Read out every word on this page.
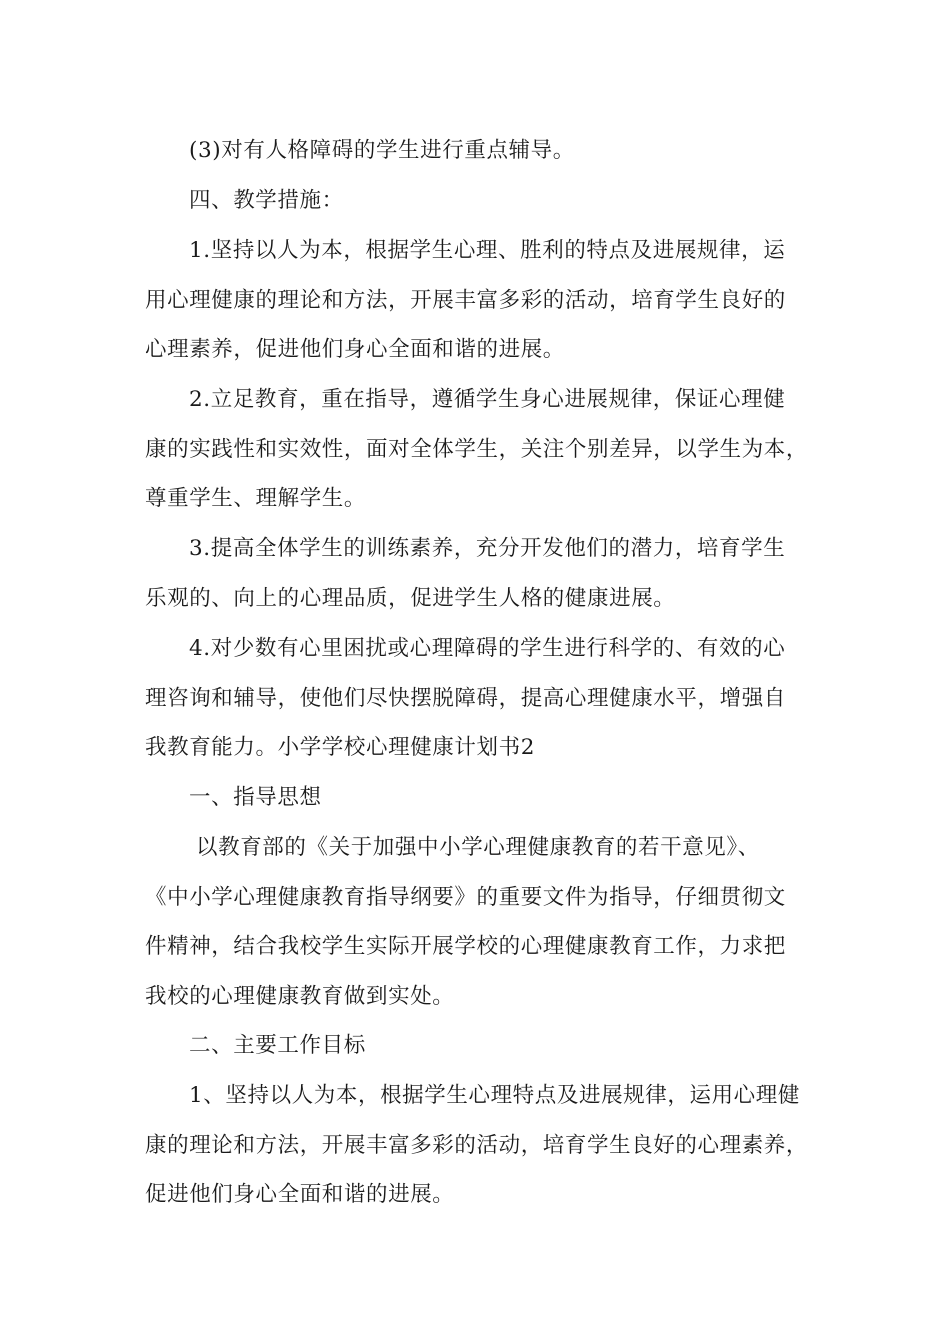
(3)对有人格障碍的学生进行重点辅导。
四、教学措施：
1.坚持以人为本，根据学生心理、胜利的特点及进展规律，运
用心理健康的理论和方法，开展丰富多彩的活动，培育学生良好的
心理素养，促进他们身心全面和谐的进展。
2.立足教育，重在指导，遵循学生身心进展规律，保证心理健
康的实践性和实效性，面对全体学生，关注个别差异，以学生为本，
尊重学生、理解学生。
3.提高全体学生的训练素养，充分开发他们的潜力，培育学生
乐观的、向上的心理品质，促进学生人格的健康进展。
4.对少数有心里困扰或心理障碍的学生进行科学的、有效的心
理咨询和辅导，使他们尽快摆脱障碍，提高心理健康水平，增强自
我教育能力。小学学校心理健康计划书2
一、指导思想
以教育部的《关于加强中小学心理健康教育的若干意见》、
《中小学心理健康教育指导纲要》的重要文件为指导，仔细贯彻文
件精神，结合我校学生实际开展学校的心理健康教育工作，力求把
我校的心理健康教育做到实处。
二、主要工作目标
1、坚持以人为本，根据学生心理特点及进展规律，运用心理健
康的理论和方法，开展丰富多彩的活动，培育学生良好的心理素养，
促进他们身心全面和谐的进展。
